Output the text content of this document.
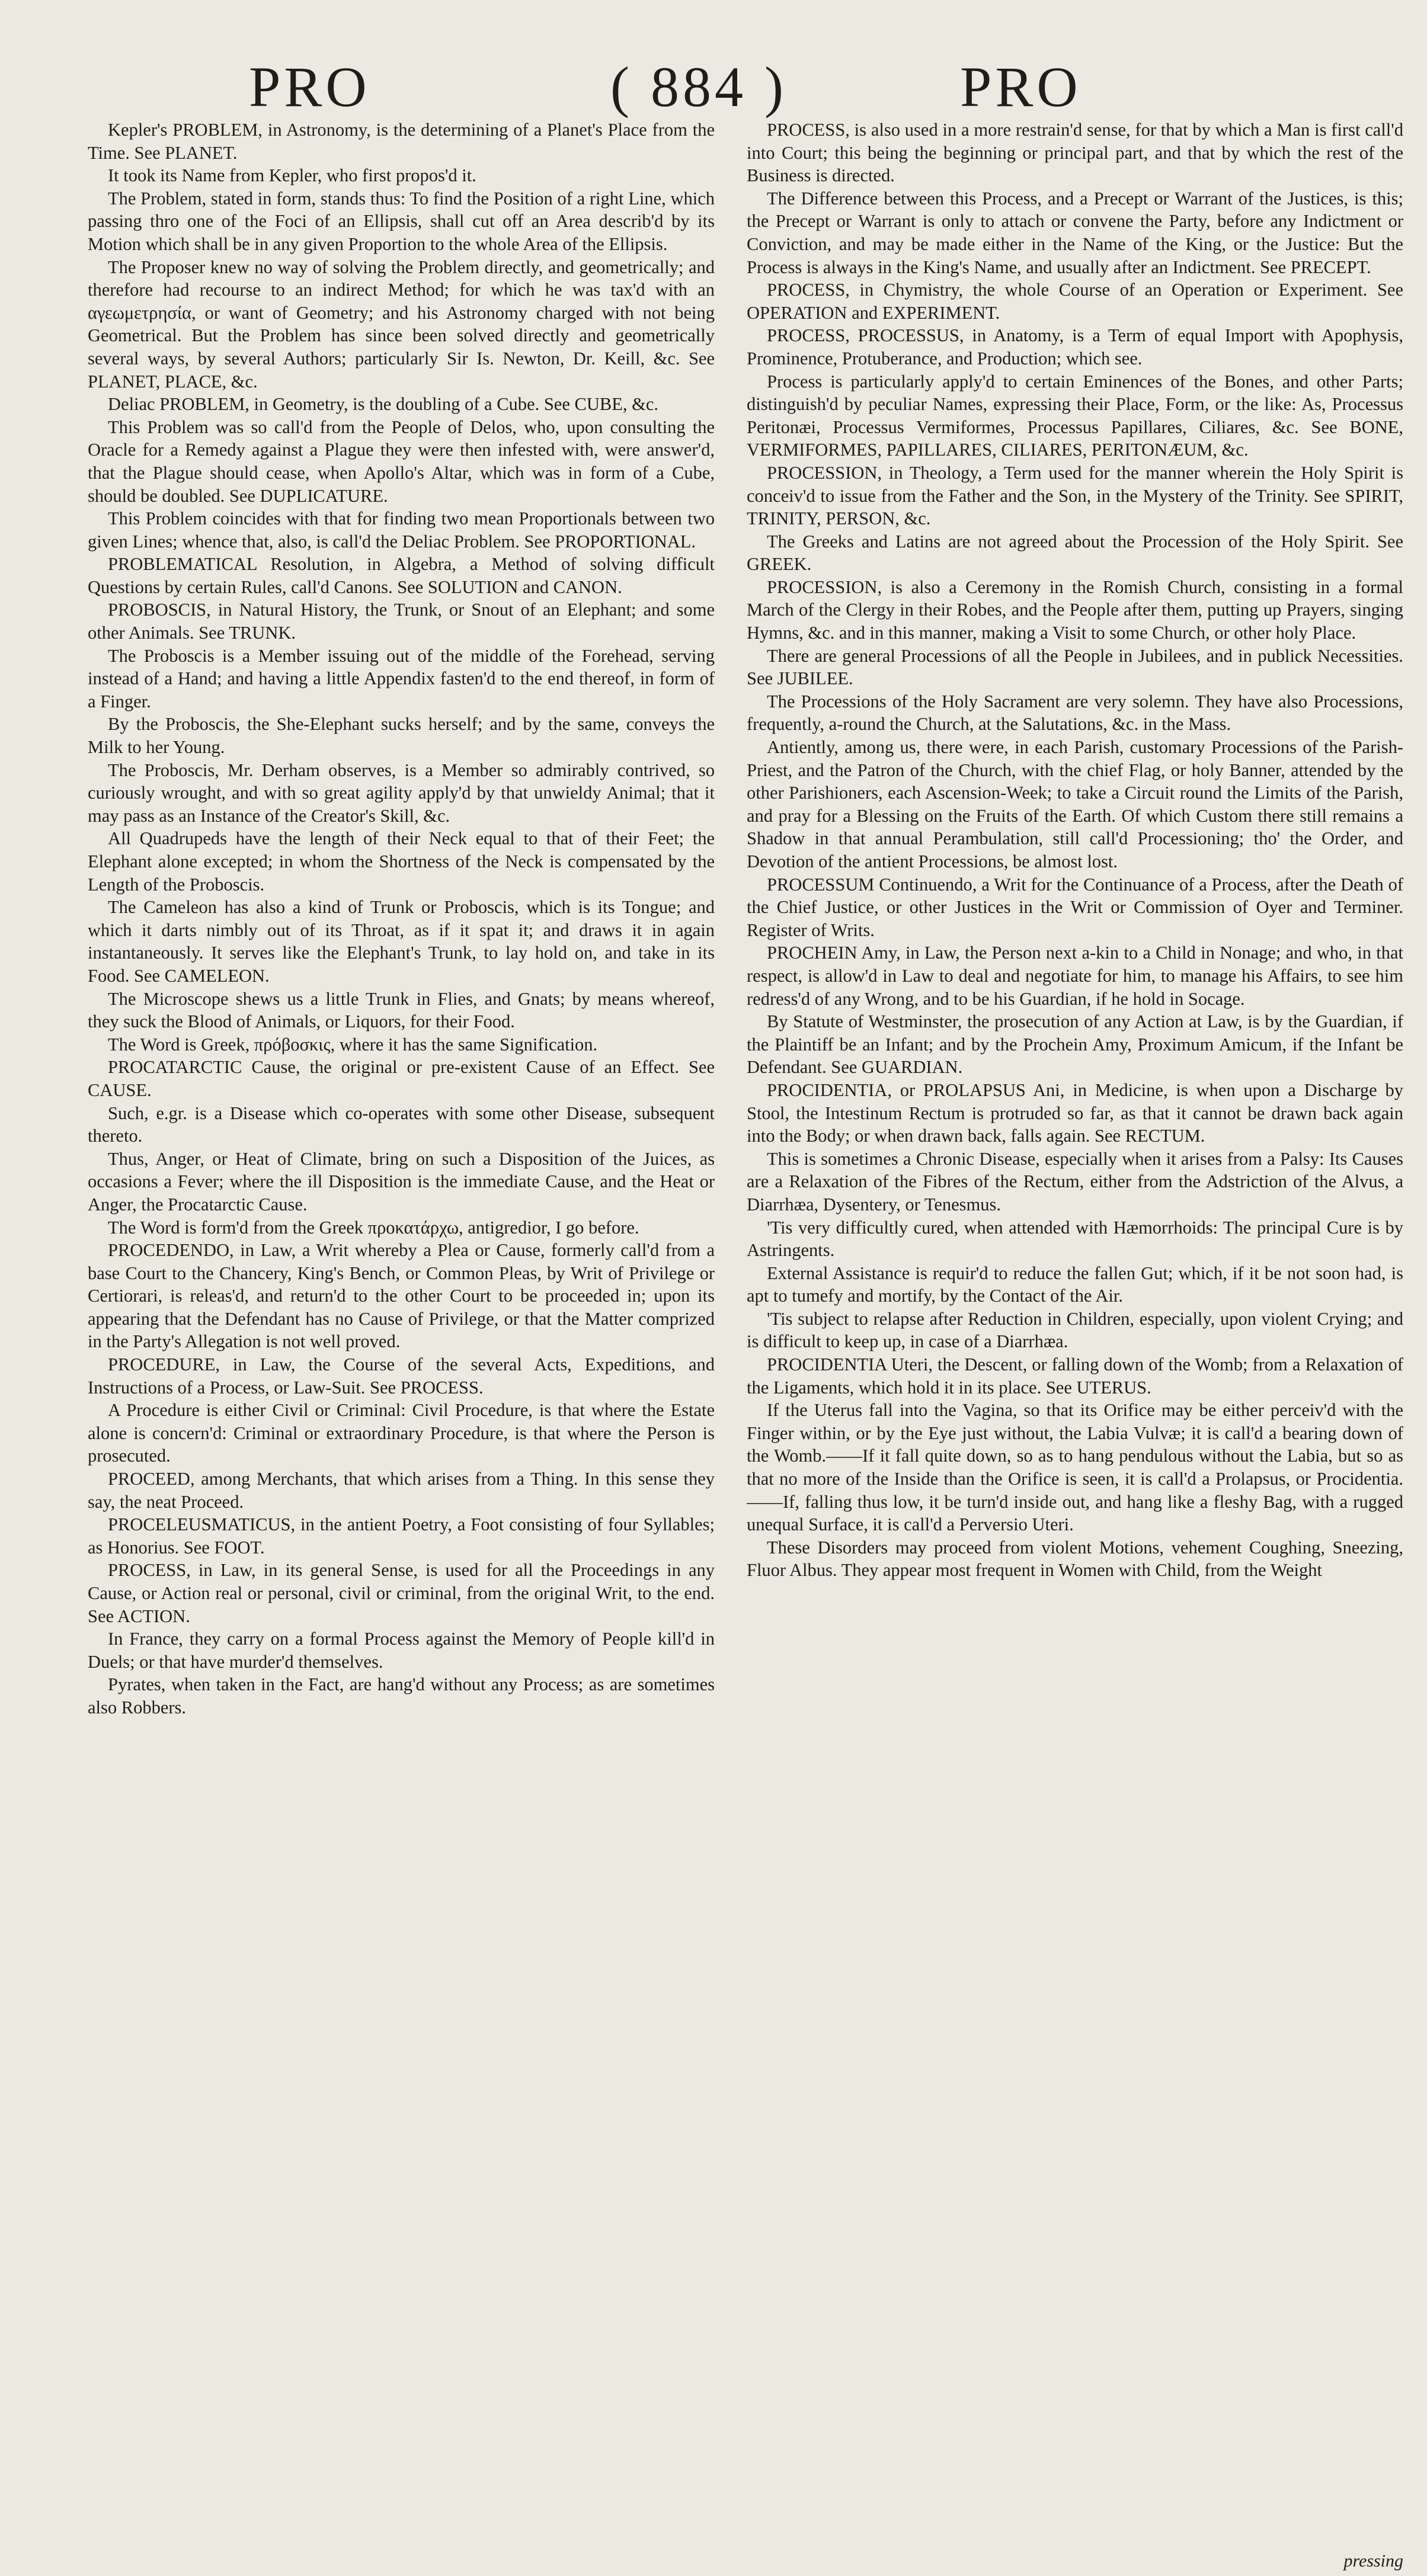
PRO	( 884 )	PRO

Kepler's PROBLEM, in Astronomy, is the determining of a Planet's Place from the Time. See PLANET.

It took its Name from Kepler, who first propos'd it.

The Problem, stated in form, stands thus: To find the Position of a right Line, which passing thro one of the Foci of an Ellipsis, shall cut off an Area describ'd by its Motion which shall be in any given Proportion to the whole Area of the Ellipsis.

The Proposer knew no way of solving the Problem directly, and geometrically; and therefore had recourse to an indirect Method; for which he was tax'd with an αγεωμετρησία, or want of Geometry; and his Astronomy charged with not being Geometrical. But the Problem has since been solved directly and geometrically several ways, by several Authors; particularly Sir Is. Newton, Dr. Keill, &c. See PLANET, PLACE, &c.

Deliac PROBLEM, in Geometry, is the doubling of a Cube. See CUBE, &c.

This Problem was so call'd from the People of Delos, who, upon consulting the Oracle for a Remedy against a Plague they were then infested with, were answer'd, that the Plague should cease, when Apollo's Altar, which was in form of a Cube, should be doubled. See DUPLICATURE.

This Problem coincides with that for finding two mean Proportionals between two given Lines; whence that, also, is call'd the Deliac Problem. See PROPORTIONAL.

PROBLEMATICAL Resolution, in Algebra, a Method of solving difficult Questions by certain Rules, call'd Canons. See SOLUTION and CANON.

PROBOSCIS, in Natural History, the Trunk, or Snout of an Elephant; and some other Animals. See TRUNK.

The Proboscis is a Member issuing out of the middle of the Forehead, serving instead of a Hand; and having a little Appendix fasten'd to the end thereof, in form of a Finger.

By the Proboscis, the She-Elephant sucks herself; and by the same, conveys the Milk to her Young.

The Proboscis, Mr. Derham observes, is a Member so admirably contrived, so curiously wrought, and with so great agility apply'd by that unwieldy Animal; that it may pass as an Instance of the Creator's Skill, &c.

All Quadrupeds have the length of their Neck equal to that of their Feet; the Elephant alone excepted; in whom the Shortness of the Neck is compensated by the Length of the Proboscis.

The Cameleon has also a kind of Trunk or Proboscis, which is its Tongue; and which it darts nimbly out of its Throat, as if it spat it; and draws it in again instantaneously. It serves like the Elephant's Trunk, to lay hold on, and take in its Food. See CAMELEON.

The Microscope shews us a little Trunk in Flies, and Gnats; by means whereof, they suck the Blood of Animals, or Liquors, for their Food.

The Word is Greek, πρόβοσκις, where it has the same Signification.

PROCATARCTIC Cause, the original or pre-existent Cause of an Effect. See CAUSE.

Such, e.gr. is a Disease which co-operates with some other Disease, subsequent thereto.

Thus, Anger, or Heat of Climate, bring on such a Disposition of the Juices, as occasions a Fever; where the ill Disposition is the immediate Cause, and the Heat or Anger, the Procatarctic Cause.

The Word is form'd from the Greek προκατάρχω, antigredior, I go before.

PROCEDENDO, in Law, a Writ whereby a Plea or Cause, formerly call'd from a base Court to the Chancery, King's Bench, or Common Pleas, by Writ of Privilege or Certiorari, is releas'd, and return'd to the other Court to be proceeded in; upon its appearing that the Defendant has no Cause of Privilege, or that the Matter comprized in the Party's Allegation is not well proved.

PROCEDURE, in Law, the Course of the several Acts, Expeditions, and Instructions of a Process, or Law-Suit. See PROCESS.

A Procedure is either Civil or Criminal: Civil Procedure, is that where the Estate alone is concern'd: Criminal or extraordinary Procedure, is that where the Person is prosecuted.

PROCEED, among Merchants, that which arises from a Thing. In this sense they say, the neat Proceed.

PROCELEUSMATICUS, in the antient Poetry, a Foot consisting of four Syllables; as Honorius. See FOOT.

PROCESS, in Law, in its general Sense, is used for all the Proceedings in any Cause, or Action real or personal, civil or criminal, from the original Writ, to the end. See ACTION.

In France, they carry on a formal Process against the Memory of People kill'd in Duels; or that have murder'd themselves.

Pyrates, when taken in the Fact, are hang'd without any Process; as are sometimes also Robbers.

PROCESS, is also used in a more restrain'd sense, for that by which a Man is first call'd into Court; this being the beginning or principal part, and that by which the rest of the Business is directed.

The Difference between this Process, and a Precept or Warrant of the Justices, is this; the Precept or Warrant is only to attach or convene the Party, before any Indictment or Conviction, and may be made either in the Name of the King, or the Justice: But the Process is always in the King's Name, and usually after an Indictment. See PRECEPT.

PROCESS, in Chymistry, the whole Course of an Operation or Experiment. See OPERATION and EXPERIMENT.

PROCESS, PROCESSUS, in Anatomy, is a Term of equal Import with Apophysis, Prominence, Protuberance, and Production; which see.

Process is particularly apply'd to certain Eminences of the Bones, and other Parts; distinguish'd by peculiar Names, expressing their Place, Form, or the like: As, Processus Peritonæi, Processus Vermiformes, Processus Papillares, Ciliares, &c. See BONE, VERMIFORMES, PAPILLARES, CILIARES, PERITONÆUM, &c.

PROCESSION, in Theology, a Term used for the manner wherein the Holy Spirit is conceiv'd to issue from the Father and the Son, in the Mystery of the Trinity. See SPIRIT, TRINITY, PERSON, &c.

The Greeks and Latins are not agreed about the Procession of the Holy Spirit. See GREEK.

PROCESSION, is also a Ceremony in the Romish Church, consisting in a formal March of the Clergy in their Robes, and the People after them, putting up Prayers, singing Hymns, &c. and in this manner, making a Visit to some Church, or other holy Place.

There are general Processions of all the People in Jubilees, and in publick Necessities. See JUBILEE.

The Processions of the Holy Sacrament are very solemn. They have also Processions, frequently, a-round the Church, at the Salutations, &c. in the Mass.

Antiently, among us, there were, in each Parish, customary Processions of the Parish-Priest, and the Patron of the Church, with the chief Flag, or holy Banner, attended by the other Parishioners, each Ascension-Week; to take a Circuit round the Limits of the Parish, and pray for a Blessing on the Fruits of the Earth. Of which Custom there still remains a Shadow in that annual Perambulation, still call'd Processioning; tho' the Order, and Devotion of the antient Processions, be almost lost.

PROCESSUM Continuendo, a Writ for the Continuance of a Process, after the Death of the Chief Justice, or other Justices in the Writ or Commission of Oyer and Terminer. Register of Writs.

PROCHEIN Amy, in Law, the Person next a-kin to a Child in Nonage; and who, in that respect, is allow'd in Law to deal and negotiate for him, to manage his Affairs, to see him redress'd of any Wrong, and to be his Guardian, if he hold in Socage.

By Statute of Westminster, the prosecution of any Action at Law, is by the Guardian, if the Plaintiff be an Infant; and by the Prochein Amy, Proximum Amicum, if the Infant be Defendant. See GUARDIAN.

PROCIDENTIA, or PROLAPSUS Ani, in Medicine, is when upon a Discharge by Stool, the Intestinum Rectum is protruded so far, as that it cannot be drawn back again into the Body; or when drawn back, falls again. See RECTUM.

This is sometimes a Chronic Disease, especially when it arises from a Palsy: Its Causes are a Relaxation of the Fibres of the Rectum, either from the Adstriction of the Alvus, a Diarrhæa, Dysentery, or Tenesmus.

'Tis very difficultly cured, when attended with Hæmorrhoids: The principal Cure is by Astringents.

External Assistance is requir'd to reduce the fallen Gut; which, if it be not soon had, is apt to tumefy and mortify, by the Contact of the Air.

'Tis subject to relapse after Reduction in Children, especially, upon violent Crying; and is difficult to keep up, in case of a Diarrhæa.

PROCIDENTIA Uteri, the Descent, or falling down of the Womb; from a Relaxation of the Ligaments, which hold it in its place. See UTERUS.

If the Uterus fall into the Vagina, so that its Orifice may be either perceiv'd with the Finger within, or by the Eye just without, the Labia Vulvæ; it is call'd a bearing down of the Womb.——If it fall quite down, so as to hang pendulous without the Labia, but so as that no more of the Inside than the Orifice is seen, it is call'd a Prolapsus, or Procidentia.——If, falling thus low, it be turn'd inside out, and hang like a fleshy Bag, with a rugged unequal Surface, it is call'd a Perversio Uteri.

These Disorders may proceed from violent Motions, vehement Coughing, Sneezing, Fluor Albus. They appear most frequent in Women with Child, from the Weight

pressing
